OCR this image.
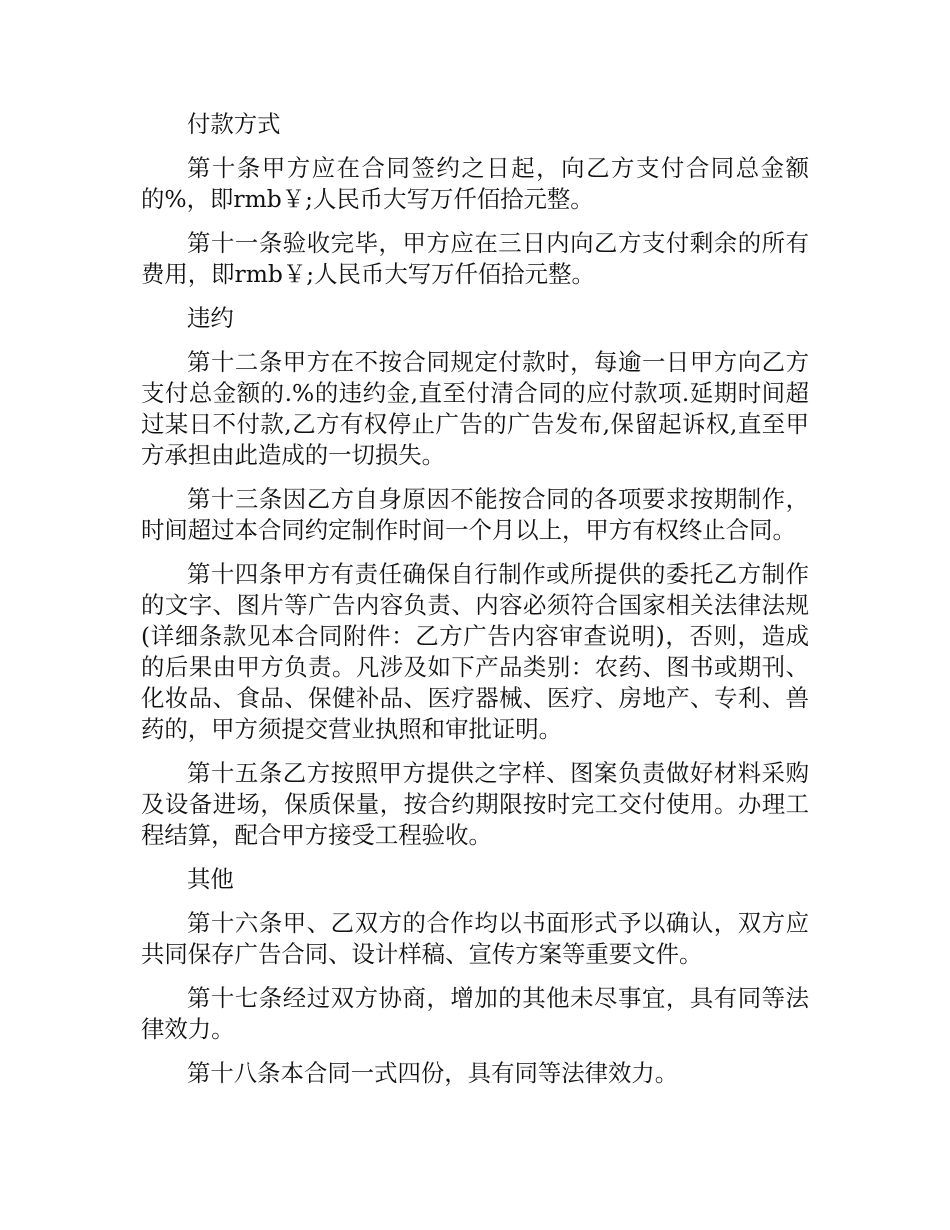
付款方式

第十条甲方应在合同签约之日起，向乙方支付合同总金额的%，即rmb￥;人民币大写万仟佰拾元整。

第十一条验收完毕，甲方应在三日内向乙方支付剩余的所有费用，即rmb￥;人民币大写万仟佰拾元整。

违约

第十二条甲方在不按合同规定付款时，每逾一日甲方向乙方支付总金额的.%的违约金,直至付清合同的应付款项.延期时间超过某日不付款,乙方有权停止广告的广告发布,保留起诉权,直至甲方承担由此造成的一切损失。

第十三条因乙方自身原因不能按合同的各项要求按期制作，时间超过本合同约定制作时间一个月以上，甲方有权终止合同。

第十四条甲方有责任确保自行制作或所提供的委托乙方制作的文字、图片等广告内容负责、内容必须符合国家相关法律法规(详细条款见本合同附件：乙方广告内容审查说明)，否则，造成的后果由甲方负责。凡涉及如下产品类别：农药、图书或期刊、化妆品、食品、保健补品、医疗器械、医疗、房地产、专利、兽药的，甲方须提交营业执照和审批证明。

第十五条乙方按照甲方提供之字样、图案负责做好材料采购及设备进场，保质保量，按合约期限按时完工交付使用。办理工程结算，配合甲方接受工程验收。

其他

第十六条甲、乙双方的合作均以书面形式予以确认，双方应共同保存广告合同、设计样稿、宣传方案等重要文件。

第十七条经过双方协商，增加的其他未尽事宜，具有同等法律效力。

第十八条本合同一式四份，具有同等法律效力。
